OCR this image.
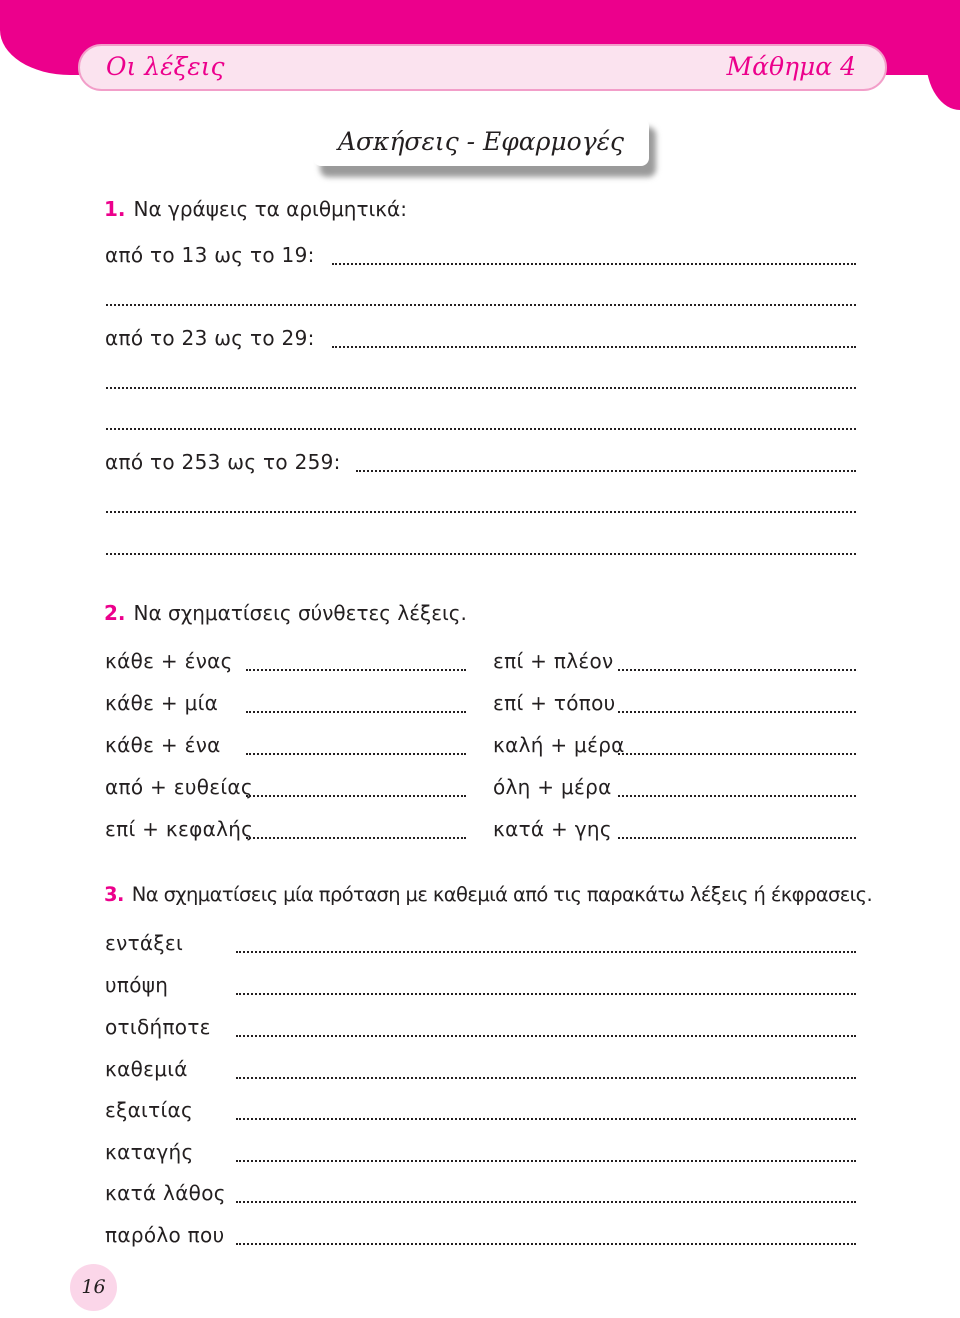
Οι λέξεις	Μάθημα 4
Ασκήσεις - Εφαρμογές
1. Να γράψεις τα αριθμητικά:
από το 13 ως το 19:
από το 23 ως το 29:
από το 253 ως το 259:
2. Να σχηματίσεις σύνθετες λέξεις.
κάθε + ένας
κάθε + μία
κάθε + ένα
από + ευθείας
επί + κεφαλής
επί + πλέον
επί + τόπου
καλή + μέρα
όλη + μέρα
κατά + γης
3. Να σχηματίσεις μία πρόταση με καθεμιά από τις παρακάτω λέξεις ή έκφρασεις.
εντάξει
υπόψη
οτιδήποτε
καθεμιά
εξαιτίας
καταγής
κατά λάθος
παρόλο που
16
